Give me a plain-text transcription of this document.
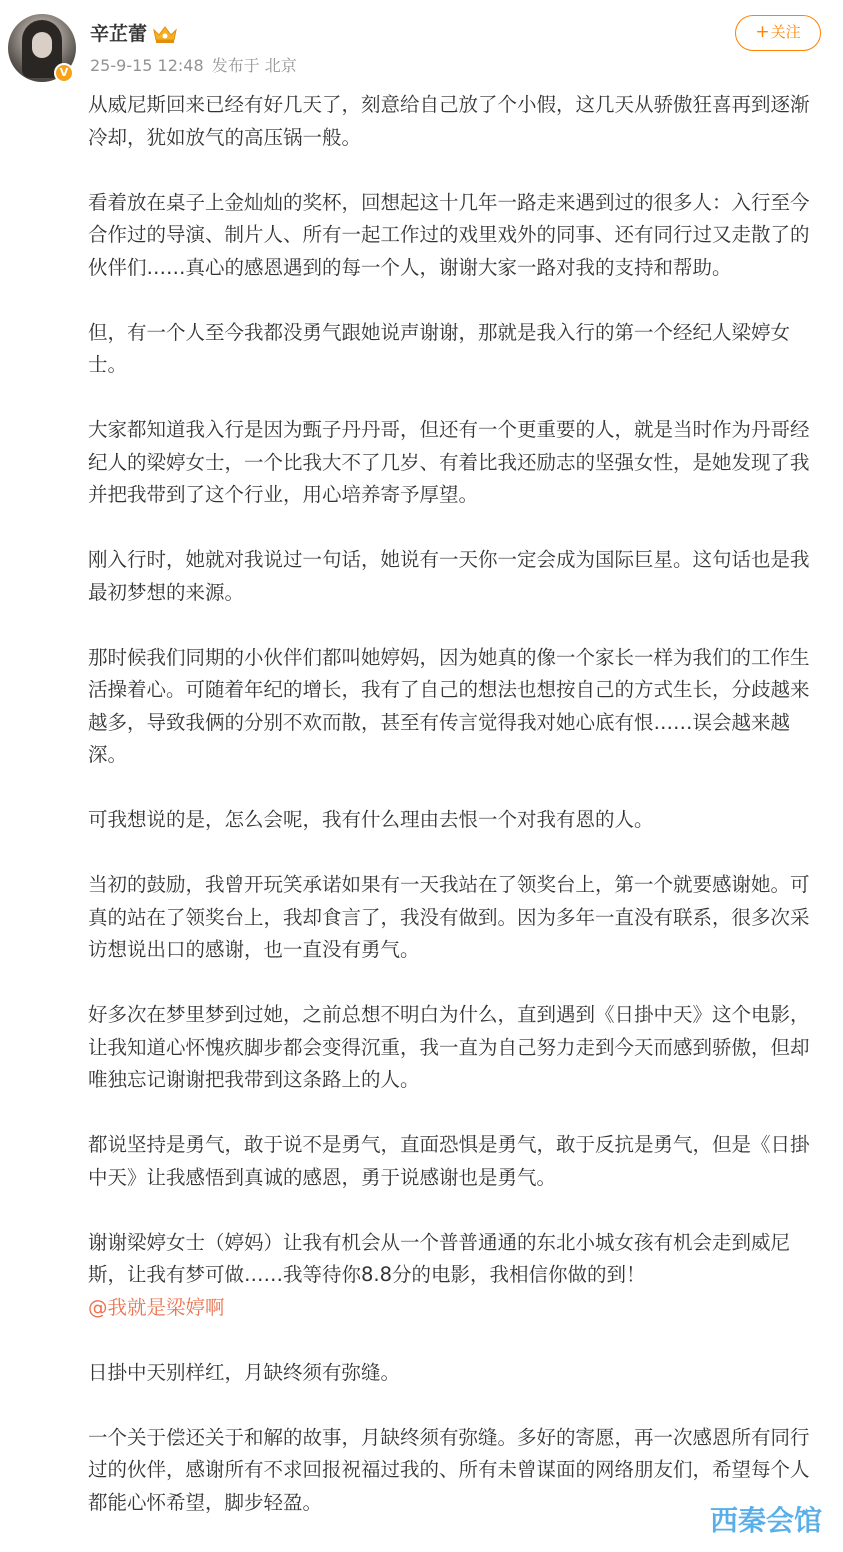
V
辛芷蕾
25-9-15 12:48 发布于 北京
+关注

从威尼斯回来已经有好几天了，刻意给自己放了个小假，这几天从骄傲狂喜再到逐渐冷却，犹如放气的高压锅一般。

看着放在桌子上金灿灿的奖杯，回想起这十几年一路走来遇到过的很多人：入行至今合作过的导演、制片人、所有一起工作过的戏里戏外的同事、还有同行过又走散了的伙伴们……真心的感恩遇到的每一个人，谢谢大家一路对我的支持和帮助。

但，有一个人至今我都没勇气跟她说声谢谢，那就是我入行的第一个经纪人梁婷女士。

大家都知道我入行是因为甄子丹丹哥，但还有一个更重要的人，就是当时作为丹哥经纪人的梁婷女士，一个比我大不了几岁、有着比我还励志的坚强女性，是她发现了我并把我带到了这个行业，用心培养寄予厚望。

刚入行时，她就对我说过一句话，她说有一天你一定会成为国际巨星。这句话也是我最初梦想的来源。

那时候我们同期的小伙伴们都叫她婷妈，因为她真的像一个家长一样为我们的工作生活操着心。可随着年纪的增长，我有了自己的想法也想按自己的方式生长，分歧越来越多，导致我俩的分别不欢而散，甚至有传言觉得我对她心底有恨……误会越来越深。

可我想说的是，怎么会呢，我有什么理由去恨一个对我有恩的人。

当初的鼓励，我曾开玩笑承诺如果有一天我站在了领奖台上，第一个就要感谢她。可真的站在了领奖台上，我却食言了，我没有做到。因为多年一直没有联系，很多次采访想说出口的感谢，也一直没有勇气。

好多次在梦里梦到过她，之前总想不明白为什么，直到遇到《日掛中天》这个电影，让我知道心怀愧疚脚步都会变得沉重，我一直为自己努力走到今天而感到骄傲，但却唯独忘记谢谢把我带到这条路上的人。

都说坚持是勇气，敢于说不是勇气，直面恐惧是勇气，敢于反抗是勇气，但是《日掛中天》让我感悟到真诚的感恩，勇于说感谢也是勇气。

谢谢梁婷女士（婷妈）让我有机会从一个普普通通的东北小城女孩有机会走到威尼斯，让我有梦可做……我等待你8.8分的电影，我相信你做的到！
@我就是梁婷啊

日掛中天别样红，月缺终须有弥缝。

一个关于偿还关于和解的故事，月缺终须有弥缝。多好的寄愿，再一次感恩所有同行过的伙伴，感谢所有不求回报祝福过我的、所有未曾谋面的网络朋友们，希望每个人都能心怀希望，脚步轻盈。

西秦会馆
